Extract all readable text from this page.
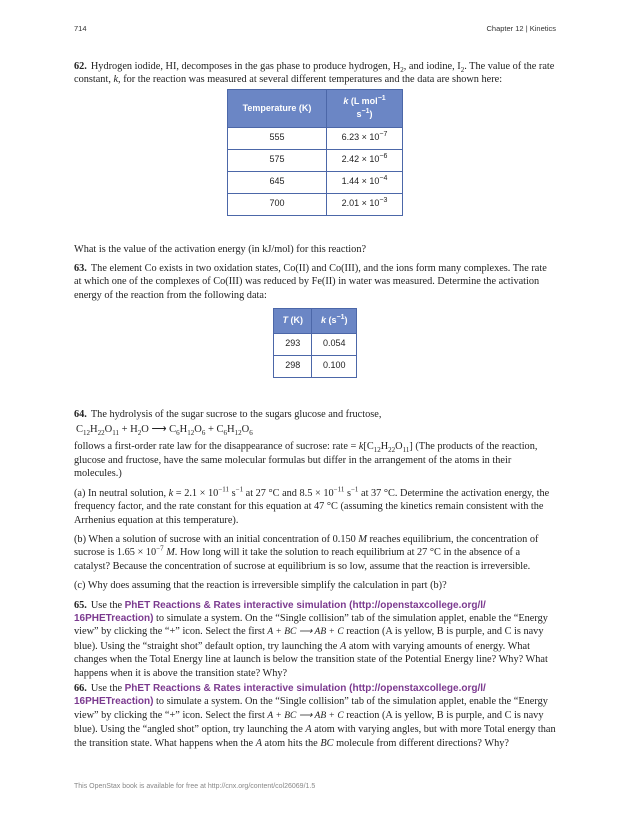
714	Chapter 12 | Kinetics

62. Hydrogen iodide, HI, decomposes in the gas phase to produce hydrogen, $H_2$, and iodine, $I_2$. The value of the rate constant, k, for the reaction was measured at several different temperatures and the data are shown here:

Temperature (K)	k (L mol$^{-1}$ $s^{-1}$)
555	$6.23 \times 10^{-7}$
575	$2.42 \times 10^{-6}$
645	$1.44 \times 10^{-4}$
700	$2.01 \times 10^{-3}$

What is the value of the activation energy (in kJ/mol) for this reaction?

63. The element Co exists in two oxidation states, Co(II) and Co(III), and the ions form many complexes. The rate at which one of the complexes of Co(III) was reduced by Fe(II) in water was measured. Determine the activation energy of the reaction from the following data:

T (K)	k $(s^{-1})$
293	0.054
298	0.100

64. The hydrolysis of the sugar sucrose to the sugars glucose and fructose,

$C_{12}H_{22}O_{11} + H_2O$ ⟶ $C_6H_{12}O_6 + C_6H_{12}O_6$

follows a first-order rate law for the disappearance of sucrose: rate = $k[C_{12}H_{22}O_{11}]$ (The products of the reaction, glucose and fructose, have the same molecular formulas but differ in the arrangement of the atoms in their molecules.)

(a) In neutral solution, $k = 2.1 \times 10^{-11}$ $s^{-1}$ at 27 °C and $8.5 \times 10^{-11}$ $s^{-1}$ at 37 °C. Determine the activation energy, the frequency factor, and the rate constant for this equation at 47 °C (assuming the kinetics remain consistent with the Arrhenius equation at this temperature).

(b) When a solution of sucrose with an initial concentration of 0.150 M reaches equilibrium, the concentration of sucrose is $1.65 \times 10^{-7}$ M. How long will it take the solution to reach equilibrium at 27 °C in the absence of a catalyst? Because the concentration of sucrose at equilibrium is so low, assume that the reaction is irreversible.

(c) Why does assuming that the reaction is irreversible simplify the calculation in part (b)?

65. Use the PhET Reactions & Rates interactive simulation (http://openstaxcollege.org/l/
16PHETreaction) to simulate a system. On the “Single collision” tab of the simulation applet, enable the “Energy view” by clicking the “+” icon. Select the first A + BC ⟶ AB + C reaction (A is yellow, B is purple, and C is navy blue). Using the “straight shot” default option, try launching the A atom with varying amounts of energy. What changes when the Total Energy line at launch is below the transition state of the Potential Energy line? Why? What happens when it is above the transition state? Why?

66. Use the PhET Reactions & Rates interactive simulation (http://openstaxcollege.org/l/
16PHETreaction) to simulate a system. On the “Single collision” tab of the simulation applet, enable the “Energy view” by clicking the “+” icon. Select the first A + BC ⟶ AB + C reaction (A is yellow, B is purple, and C is navy blue). Using the “angled shot” option, try launching the A atom with varying angles, but with more Total energy than the transition state. What happens when the A atom hits the BC molecule from different directions? Why?

This OpenStax book is available for free at http://cnx.org/content/col26069/1.5
